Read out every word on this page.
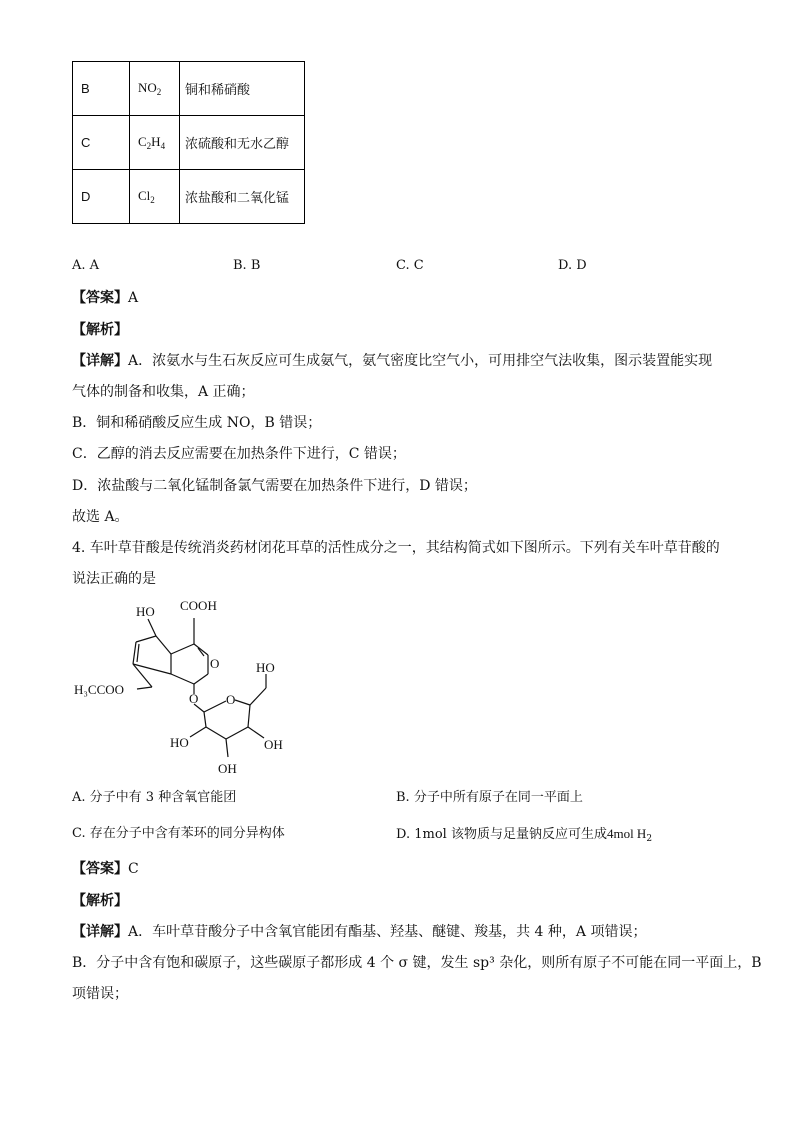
B	$NO_2$	铜和稀硝酸
C	$C_2H_4$	浓硫酸和无水乙醇
D	$Cl_2$	浓盐酸和二氧化锰
A. A	B. B	C. C	D. D
【答案】A
【解析】
【详解】A．浓氨水与生石灰反应可生成氨气，氨气密度比空气小，可用排空气法收集，图示装置能实现
气体的制备和收集，A 正确；
B．铜和稀硝酸反应生成 NO，B 错误；
C．乙醇的消去反应需要在加热条件下进行，C 错误；
D．浓盐酸与二氧化锰制备氯气需要在加热条件下进行，D 错误；
故选 A。
4. 车叶草苷酸是传统消炎药材闭花耳草的活性成分之一，其结构简式如下图所示。下列有关车叶草苷酸的
说法正确的是
HO COOH
O	HO
H₃CCOO
O O
HO	OH
OH
A. 分子中有 3 种含氧官能团	B. 分子中所有原子在同一平面上
C. 存在分子中含有苯环的同分异构体	D. 1mol 该物质与足量钠反应可生成4mol $H_2$
【答案】C
【解析】
【详解】A．车叶草苷酸分子中含氧官能团有酯基、羟基、醚键、羧基，共 4 种，A 项错误；
B．分子中含有饱和碳原子，这些碳原子都形成 4 个 σ 键，发生 sp³ 杂化，则所有原子不可能在同一平面上，B
项错误；
